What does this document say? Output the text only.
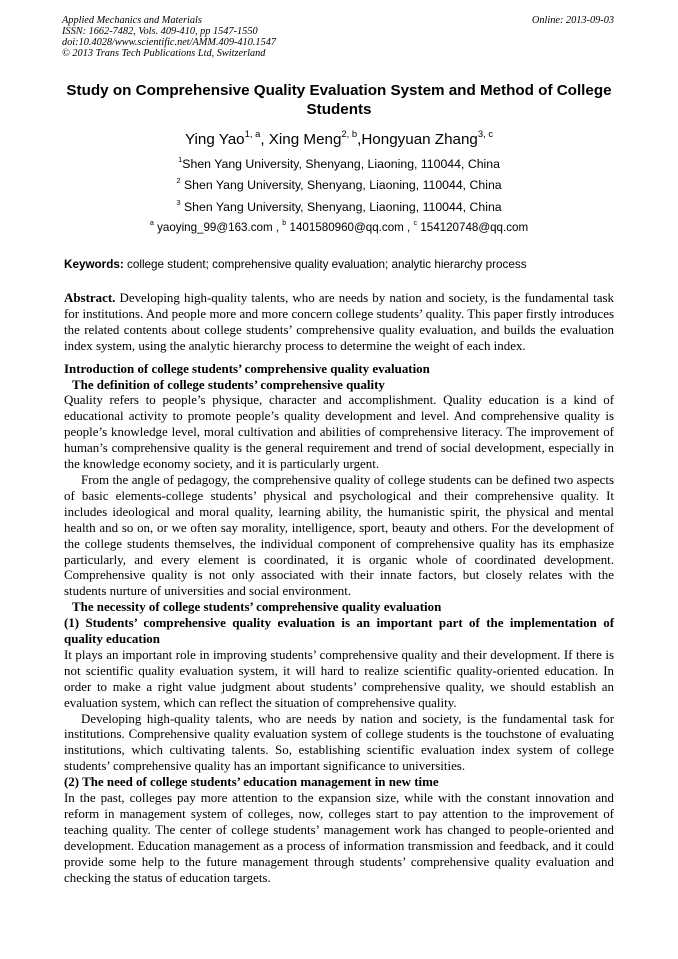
Applied Mechanics and Materials
ISSN: 1662-7482, Vols. 409-410, pp 1547-1550
doi:10.4028/www.scientific.net/AMM.409-410.1547
© 2013 Trans Tech Publications Ltd, Switzerland
Online: 2013-09-03
Study on Comprehensive Quality Evaluation System and Method of College Students
Ying Yao$^{1, a}$, Xing Meng$^{2, b}$,Hongyuan Zhang$^{3, c}$
$^1$Shen Yang University, Shenyang, Liaoning, 110044, China
$^2$ Shen Yang University, Shenyang, Liaoning, 110044, China
$^3$ Shen Yang University, Shenyang, Liaoning, 110044, China
$^a$ yaoying_99@163.com , $^b$ 1401580960@qq.com , $^c$ 154120748@qq.com
Keywords: college student; comprehensive quality evaluation; analytic hierarchy process

Abstract. Developing high-quality talents, who are needs by nation and society, is the fundamental task for institutions. And people more and more concern college students’ quality. This paper firstly introduces the related contents about college students’ comprehensive quality evaluation, and builds the evaluation index system, using the analytic hierarchy process to determine the weight of each index.

Introduction of college students’ comprehensive quality evaluation

The definition of college students’ comprehensive quality

Quality refers to people’s physique, character and accomplishment. Quality education is a kind of educational activity to promote people’s quality development and level. And comprehensive quality is people’s knowledge level, moral cultivation and abilities of comprehensive literacy. The improvement of human’s comprehensive quality is the general requirement and trend of social development, especially in the knowledge economy society, and it is particularly urgent.

From the angle of pedagogy, the comprehensive quality of college students can be defined two aspects of basic elements-college students’ physical and psychological and their comprehensive quality. It includes ideological and moral quality, learning ability, the humanistic spirit, the physical and mental health and so on, or we often say morality, intelligence, sport, beauty and others. For the development of the college students themselves, the individual component of comprehensive quality has its emphasize particularly, and every element is coordinated, it is organic whole of coordinated development. Comprehensive quality is not only associated with their innate factors, but closely relates with the students nurture of universities and social environment.

The necessity of college students’ comprehensive quality evaluation

(1) Students’ comprehensive quality evaluation is an important part of the implementation of quality education

It plays an important role in improving students’ comprehensive quality and their development. If there is not scientific quality evaluation system, it will hard to realize scientific quality-oriented education. In order to make a right value judgment about students’ comprehensive quality, we should establish an evaluation system, which can reflect the situation of comprehensive quality.

Developing high-quality talents, who are needs by nation and society, is the fundamental task for institutions. Comprehensive quality evaluation system of college students is the touchstone of evaluating institutions, which cultivating talents. So, establishing scientific evaluation index system of college students’ comprehensive quality has an important significance to universities.

(2) The need of college students’ education management in new time

In the past, colleges pay more attention to the expansion size, while with the constant innovation and reform in management system of colleges, now, colleges start to pay attention to the improvement of teaching quality. The center of college students’ management work has changed to people-oriented and development. Education management as a process of information transmission and feedback, and it could provide some help to the future management through students’ comprehensive quality evaluation and checking the status of education targets.
